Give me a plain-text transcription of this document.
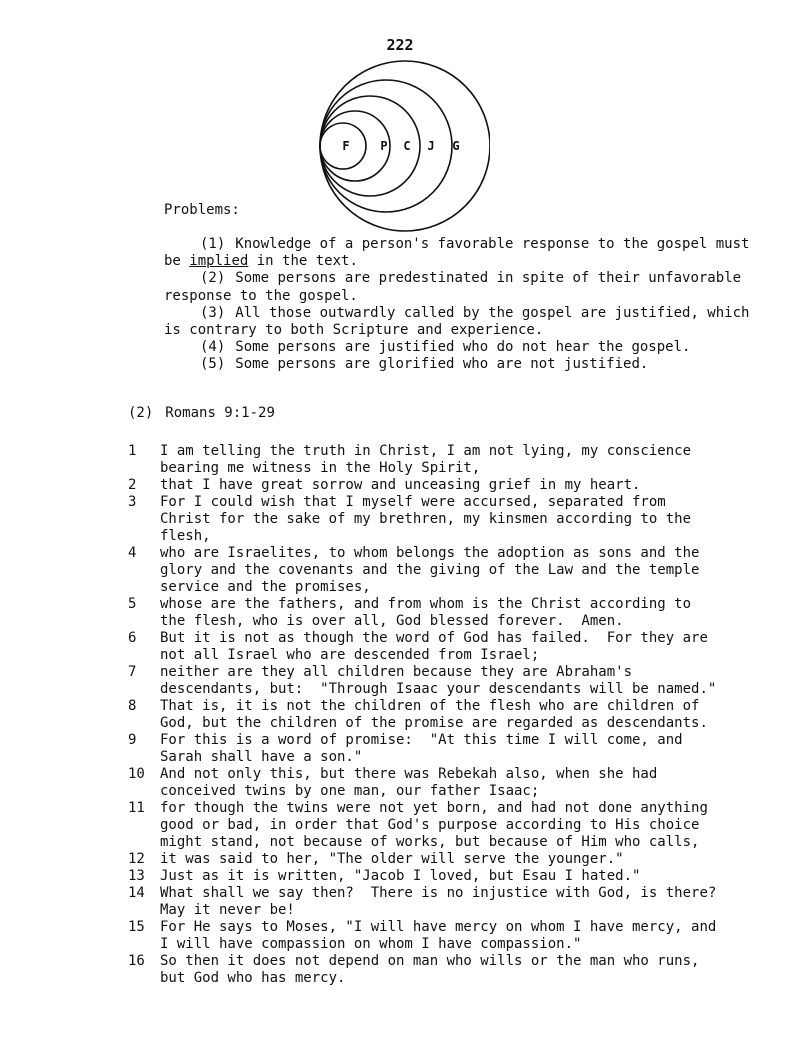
222
F	P C J G
Problems:
(1) Knowledge of a person's favorable response to the gospel must be implied in the text.
(2) Some persons are predestinated in spite of their unfavorable response to the gospel.
(3) All those outwardly called by the gospel are justified, which is contrary to both Scripture and experience.
(4) Some persons are justified who do not hear the gospel.
(5) Some persons are glorified who are not justified.
(2) Romans 9:1-29
1	I am telling the truth in Christ, I am not lying, my conscience
bearing me witness in the Holy Spirit,
2	that I have great sorrow and unceasing grief in my heart.
3	For I could wish that I myself were accursed, separated from
Christ for the sake of my brethren, my kinsmen according to the
flesh,
4	who are Israelites, to whom belongs the adoption as sons and the
glory and the covenants and the giving of the Law and the temple
service and the promises,
5	whose are the fathers, and from whom is the Christ according to
the flesh, who is over all, God blessed forever.  Amen.
6	But it is not as though the word of God has failed.  For they are
not all Israel who are descended from Israel;
7	neither are they all children because they are Abraham's
descendants, but:  "Through Isaac your descendants will be named."
8	That is, it is not the children of the flesh who are children of
God, but the children of the promise are regarded as descendants.
9	For this is a word of promise:  "At this time I will come, and
Sarah shall have a son."
10	And not only this, but there was Rebekah also, when she had
conceived twins by one man, our father Isaac;
11	for though the twins were not yet born, and had not done anything
good or bad, in order that God's purpose according to His choice
might stand, not because of works, but because of Him who calls,
12	it was said to her, "The older will serve the younger."
13	Just as it is written, "Jacob I loved, but Esau I hated."
14	What shall we say then?  There is no injustice with God, is there?
May it never be!
15	For He says to Moses, "I will have mercy on whom I have mercy, and
I will have compassion on whom I have compassion."
16	So then it does not depend on man who wills or the man who runs,
but God who has mercy.
